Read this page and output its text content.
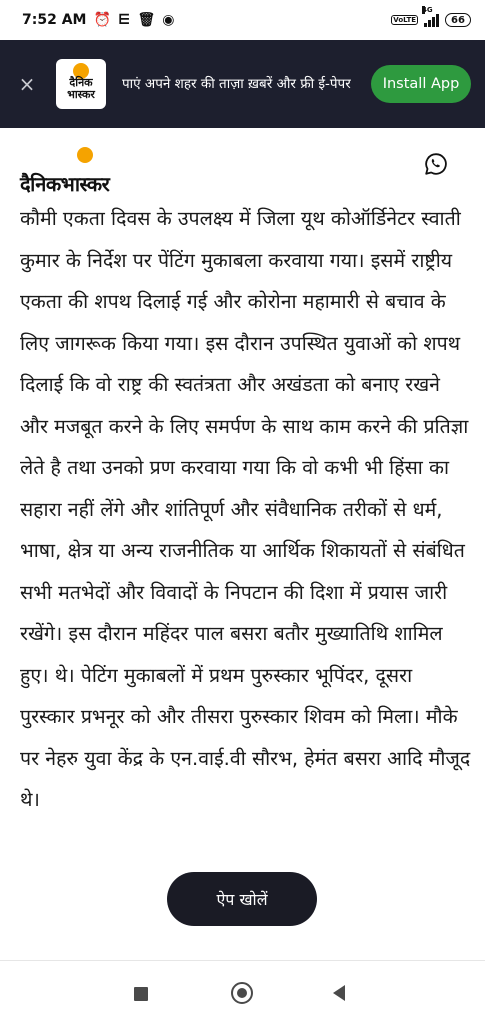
7:52 AM ⏰ ⋿ 🗑 ◉	VoLTE
4G
66
×	दैनिक
भास्कर
पाएं अपने शहर की ताज़ा ख़बरें और फ्री ई-पेपर	Install App
दैनिकभास्कर

कौमी एकता दिवस के उपलक्ष्य में जिला यूथ कोऑर्डिनेटर स्वाती कुमार के निर्देश पर पेंटिंग मुकाबला करवाया गया। इसमें राष्ट्रीय एकता की शपथ दिलाई गई और कोरोना महामारी से बचाव के लिए जागरूक किया गया। इस दौरान उपस्थित युवाओं को शपथ दिलाई कि वो राष्ट्र की स्वतंत्रता और अखंडता को बनाए रखने और मजबूत करने के लिए समर्पण के साथ काम करने की प्रतिज्ञा लेते है तथा उनको प्रण करवाया गया कि वो कभी भी हिंसा का सहारा नहीं लेंगे और शांतिपूर्ण और संवैधानिक तरीकों से धर्म, भाषा, क्षेत्र या अन्य राजनीतिक या आर्थिक शिकायतों से संबंधित सभी मतभेदों और विवादों के निपटान की दिशा में प्रयास जारी रखेंगे। इस दौरान महिंदर पाल बसरा बतौर मुख्यातिथि शामिल हुए। थे। पेटिंग मुकाबलों में प्रथम पुरुस्कार भूपिंदर, दूसरा पुरस्कार प्रभनूर को और तीसरा पुरुस्कार शिवम को मिला। मौके पर नेहरु युवा केंद्र के एन.वाई.वी सौरभ, हेमंत बसरा आदि मौजूद थे।

ऐप खोलें
